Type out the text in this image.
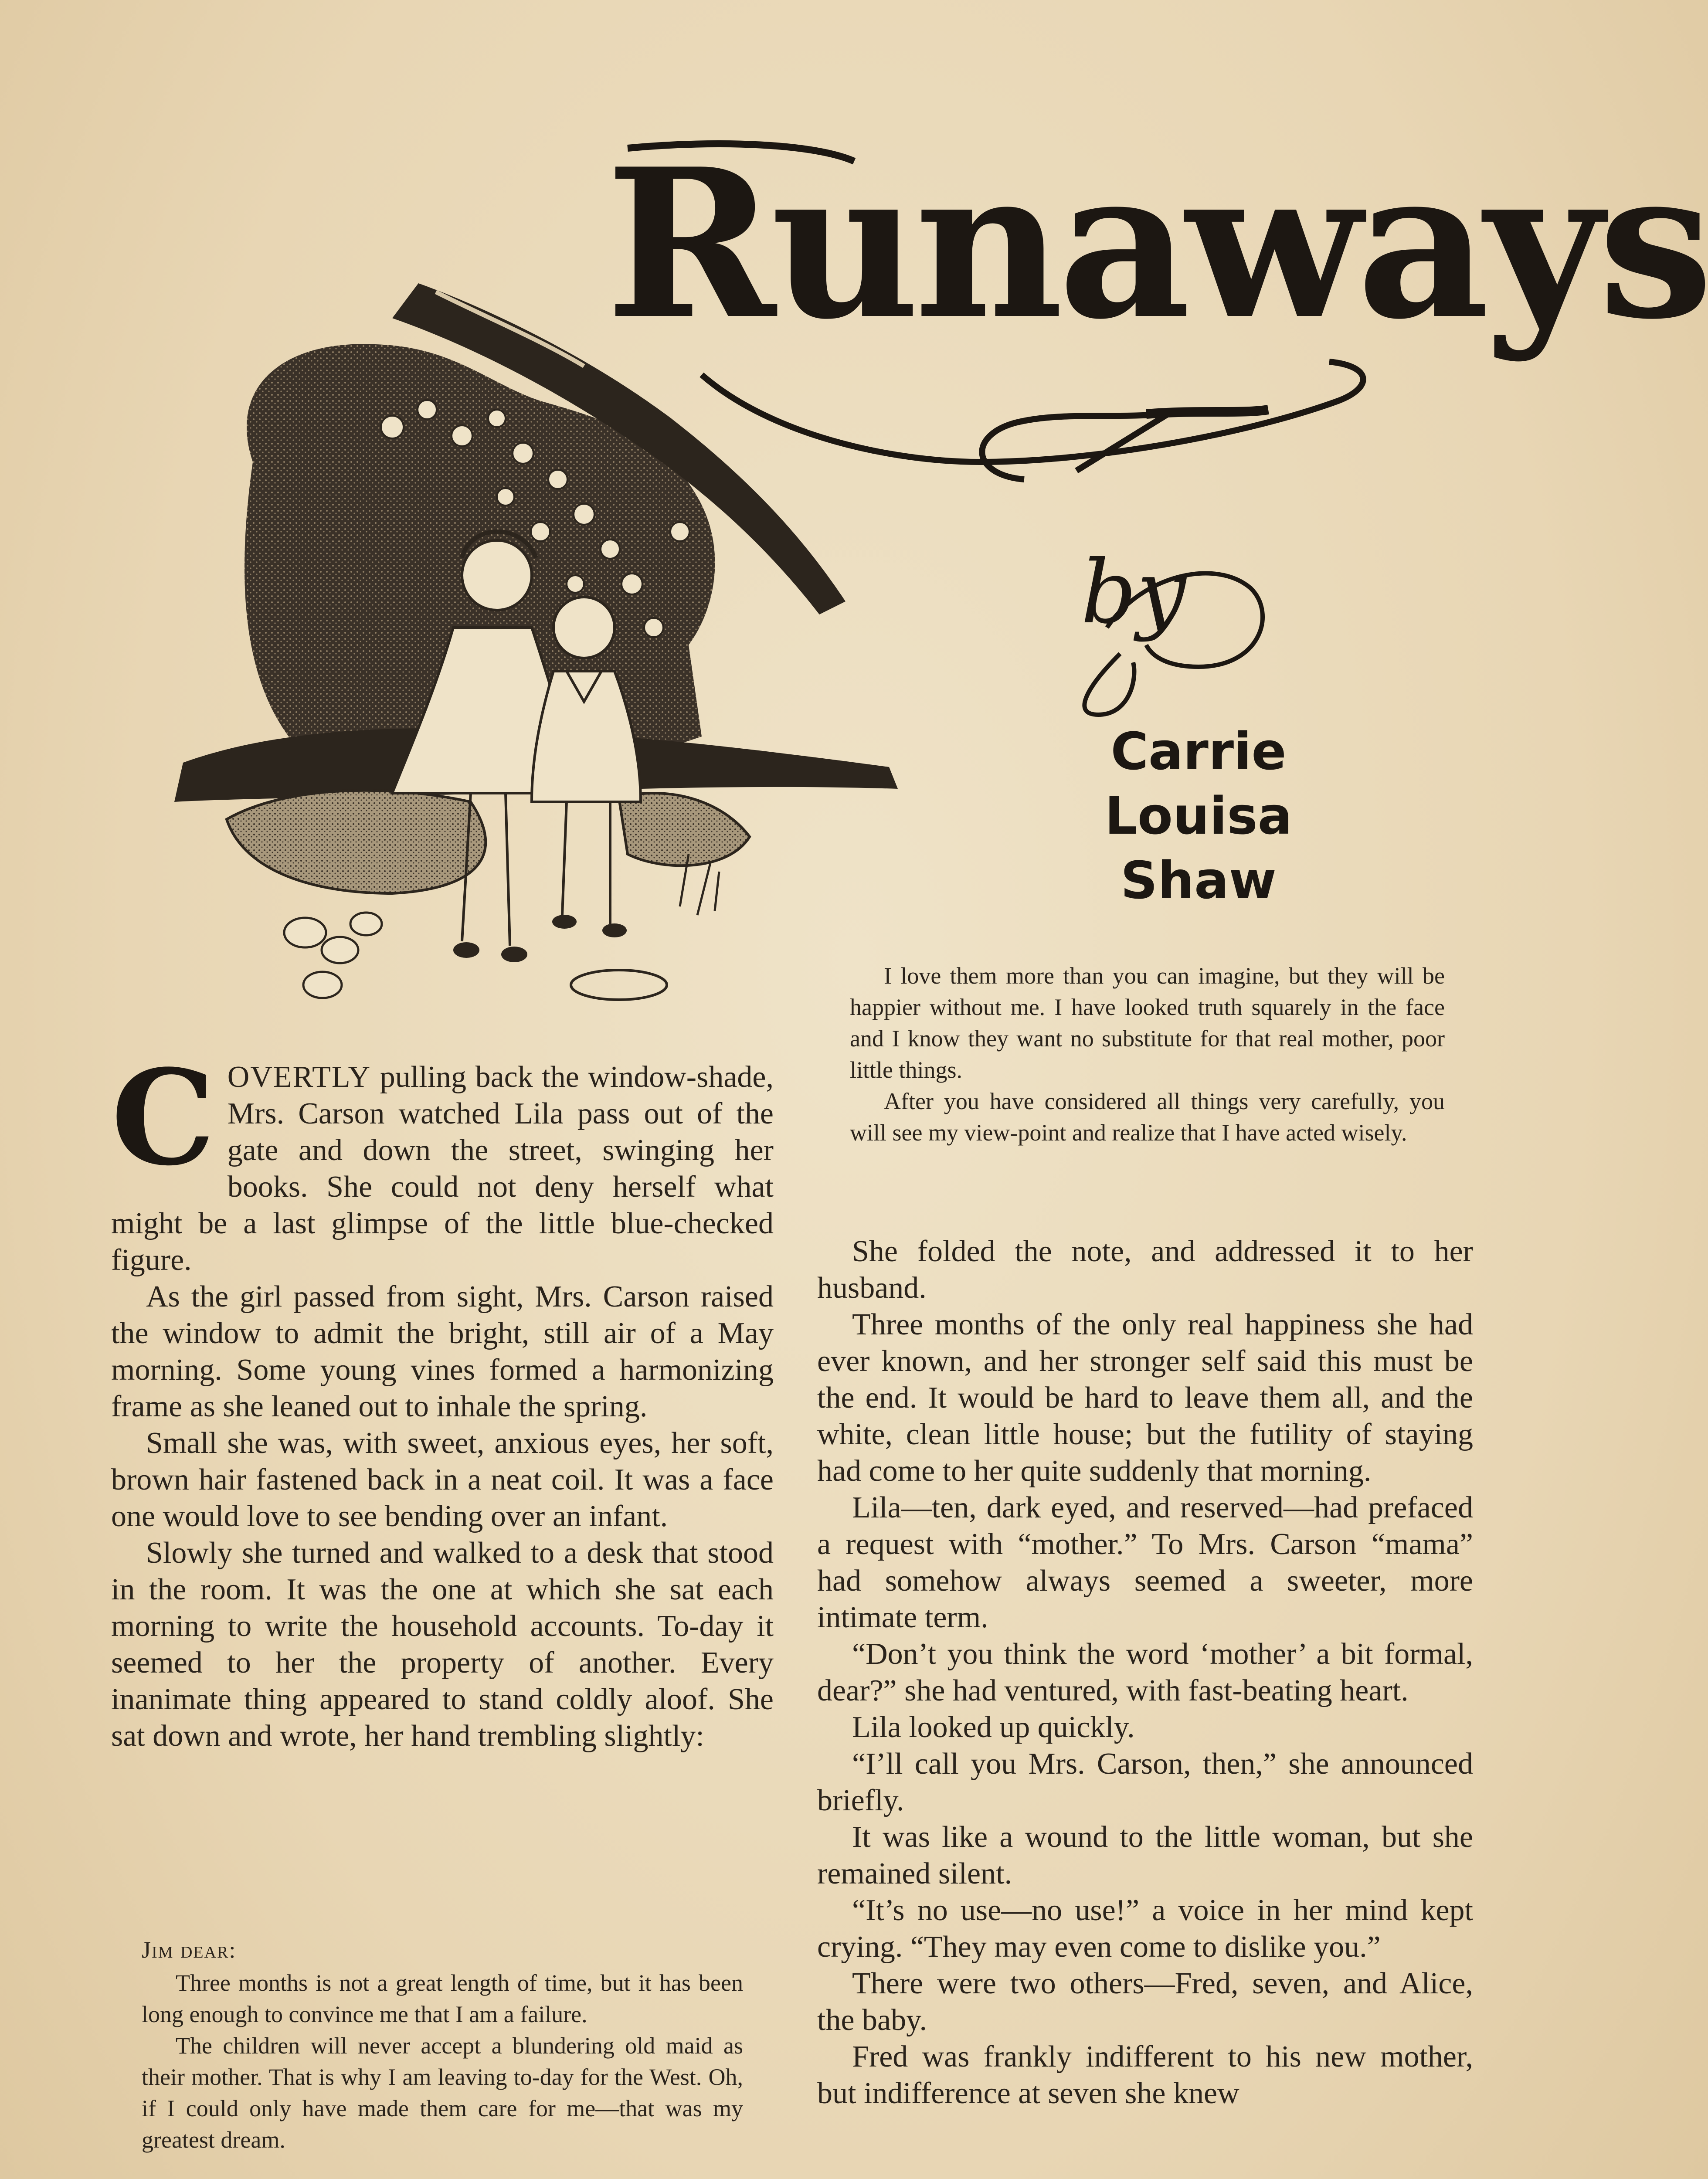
Runaways
by
Carrie
Louisa
Shaw

COVERTLY pulling back the window-shade, Mrs. Carson watched Lila pass out of the gate and down the street, swinging her books. She could not deny herself what might be a last glimpse of the little blue-checked figure.

As the girl passed from sight, Mrs. Carson raised the window to admit the bright, still air of a May morning. Some young vines formed a harmonizing frame as she leaned out to inhale the spring.

Small she was, with sweet, anxious eyes, her soft, brown hair fastened back in a neat coil. It was a face one would love to see bending over an infant.

Slowly she turned and walked to a desk that stood in the room. It was the one at which she sat each morning to write the household accounts. To-day it seemed to her the property of another. Every inanimate thing appeared to stand coldly aloof. She sat down and wrote, her hand trembling slightly:

Jim dear:

Three months is not a great length of time, but it has been long enough to convince me that I am a failure.

The children will never accept a blundering old maid as their mother. That is why I am leaving to-day for the West. Oh, if I could only have made them care for me—that was my greatest dream.

I love them more than you can imagine, but they will be happier without me. I have looked truth squarely in the face and I know they want no substitute for that real mother, poor little things.

After you have considered all things very carefully, you will see my view-point and realize that I have acted wisely.

She folded the note, and addressed it to her husband.

Three months of the only real happiness she had ever known, and her stronger self said this must be the end. It would be hard to leave them all, and the white, clean little house; but the futility of staying had come to her quite suddenly that morning.

Lila—ten, dark eyed, and reserved—had prefaced a request with “mother.” To Mrs. Carson “mama” had somehow always seemed a sweeter, more intimate term.

“Don’t you think the word ‘mother’ a bit formal, dear?” she had ventured, with fast-beating heart.

Lila looked up quickly.

“I’ll call you Mrs. Carson, then,” she announced briefly.

It was like a wound to the little woman, but she remained silent.

“It’s no use—no use!” a voice in her mind kept crying. “They may even come to dislike you.”

There were two others—Fred, seven, and Alice, the baby.

Fred was frankly indifferent to his new mother, but indifference at seven she knew
